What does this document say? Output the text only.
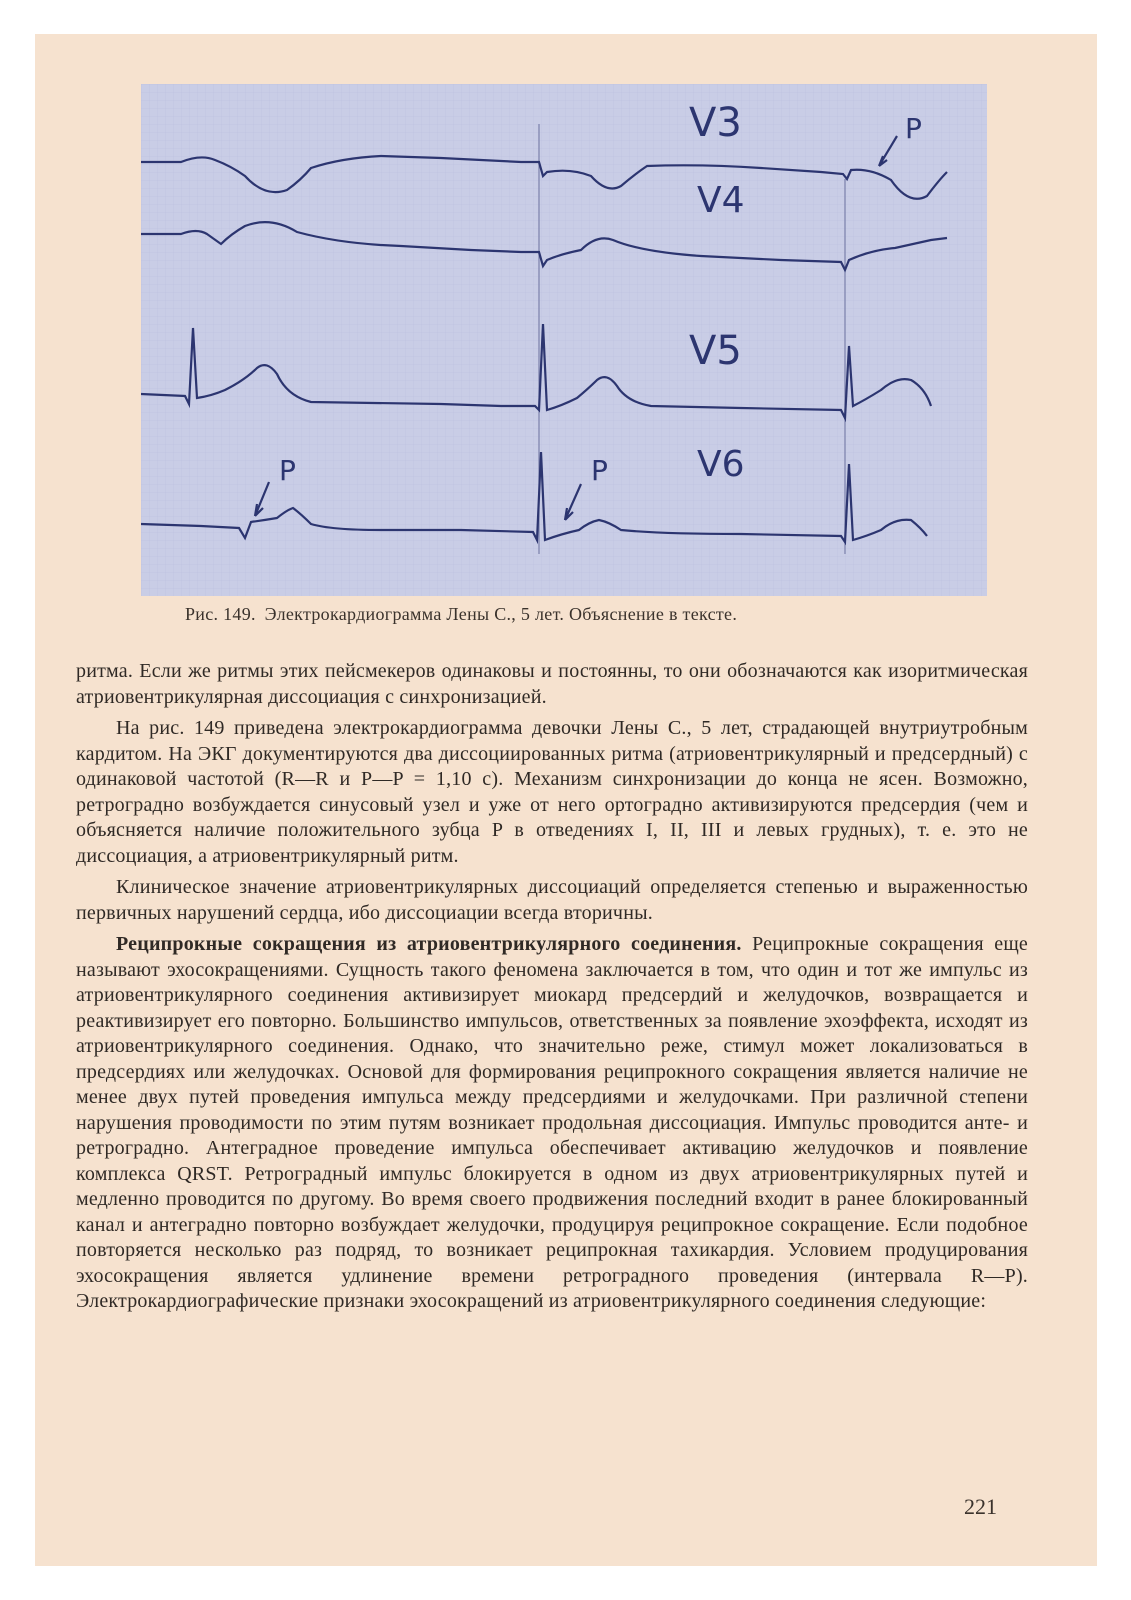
V3
V4
V5
V6
P
P	P
Рис. 149. Электрокардиограмма Лены С., 5 лет. Объяснение в тексте.

ритма. Если же ритмы этих пейсмекеров одинаковы и постоянны, то они обозначаются как изоритмическая атриовентрикулярная диссоциация с синхронизацией.

На рис. 149 приведена электрокардиограмма девочки Лены С., 5 лет, страдающей внутриутробным кардитом. На ЭКГ документируются два диссоциированных ритма (атриовентрикулярный и предсердный) с одинаковой частотой (R—R и P—P = 1,10 с). Механизм синхронизации до конца не ясен. Возможно, ретроградно возбуждается синусовый узел и уже от него ортоградно активизируются предсердия (чем и объясняется наличие положительного зубца P в отведениях I, II, III и левых грудных), т. е. это не диссоциация, а атриовентрикулярный ритм.

Клиническое значение атриовентрикулярных диссоциаций определяется степенью и выраженностью первичных нарушений сердца, ибо диссоциации всегда вторичны.

Реципрокные сокращения из атриовентрикулярного соединения. Реципрокные сокращения еще называют эхосокращениями. Сущность такого феномена заключается в том, что один и тот же импульс из атриовентрикулярного соединения активизирует миокард предсердий и желудочков, возвращается и реактивизирует его повторно. Большинство импульсов, ответственных за появление эхоэффекта, исходят из атриовентрикулярного соединения. Однако, что значительно реже, стимул может локализоваться в предсердиях или желудочках. Основой для формирования реципрокного сокращения является наличие не менее двух путей проведения импульса между предсердиями и желудочками. При различной степени нарушения проводимости по этим путям возникает продольная диссоциация. Импульс проводится анте- и ретроградно. Антеградное проведение импульса обеспечивает активацию желудочков и появление комплекса QRST. Ретроградный импульс блокируется в одном из двух атриовентрикулярных путей и медленно проводится по другому. Во время своего продвижения последний входит в ранее блокированный канал и антеградно повторно возбуждает желудочки, продуцируя реципрокное сокращение. Если подобное повторяется несколько раз подряд, то возникает реципрокная тахикардия. Условием продуцирования эхосокращения является удлинение времени ретроградного проведения (интервала R—P). Электрокардиографические признаки эхосокращений из атриовентрикулярного соединения следующие:

221
